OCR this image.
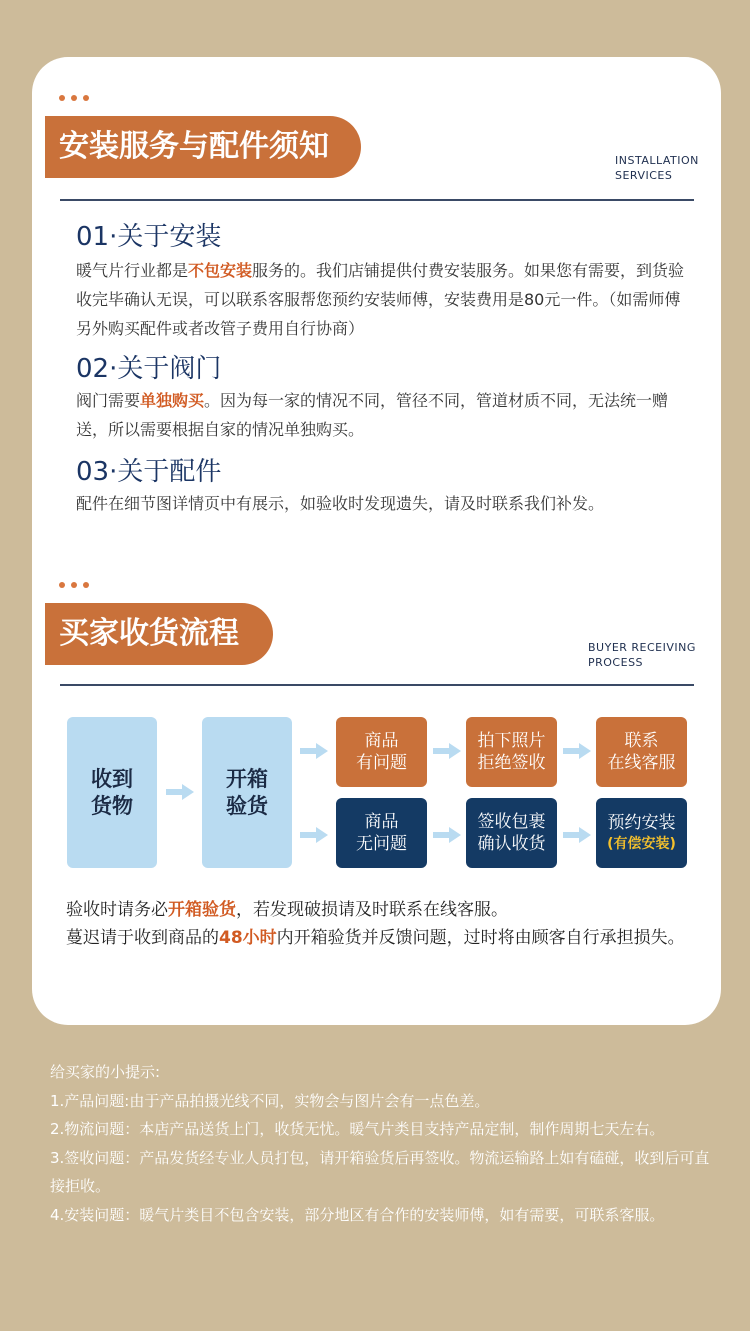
安装服务与配件须知	INSTALLATION
SERVICES
01·关于安装
暖气片行业都是不包安装服务的。我们店铺提供付费安装服务。如果您有需要，到货验收完毕确认无误，可以联系客服帮您预约安装师傅，安装费用是80元一件。（如需师傅另外购买配件或者改管子费用自行协商）
02·关于阀门
阀门需要单独购买。因为每一家的情况不同，管径不同，管道材质不同，无法统一赠送，所以需要根据自家的情况单独购买。
03·关于配件
配件在细节图详情页中有展示，如验收时发现遗失，请及时联系我们补发。
买家收货流程	BUYER RECEIVING
PROCESS
收到
货物
开箱
验货
商品
有问题
拍下照片
拒绝签收
联系
在线客服
商品
无问题
签收包裹
确认收货
预约安装
(有偿安装)
验收时请务必开箱验货，若发现破损请及时联系在线客服。
蔓迟请于收到商品的48小时内开箱验货并反馈问题，过时将由顾客自行承担损失。
给买家的小提示:
1.产品问题:由于产品拍摄光线不同，实物会与图片会有一点色差。
2.物流问题：本店产品送货上门，收货无忧。暖气片类目支持产品定制，制作周期七天左右。
3.签收问题：产品发货经专业人员打包，请开箱验货后再签收。物流运输路上如有磕碰，收到后可直接拒收。
4.安装问题：暖气片类目不包含安装，部分地区有合作的安装师傅，如有需要，可联系客服。
